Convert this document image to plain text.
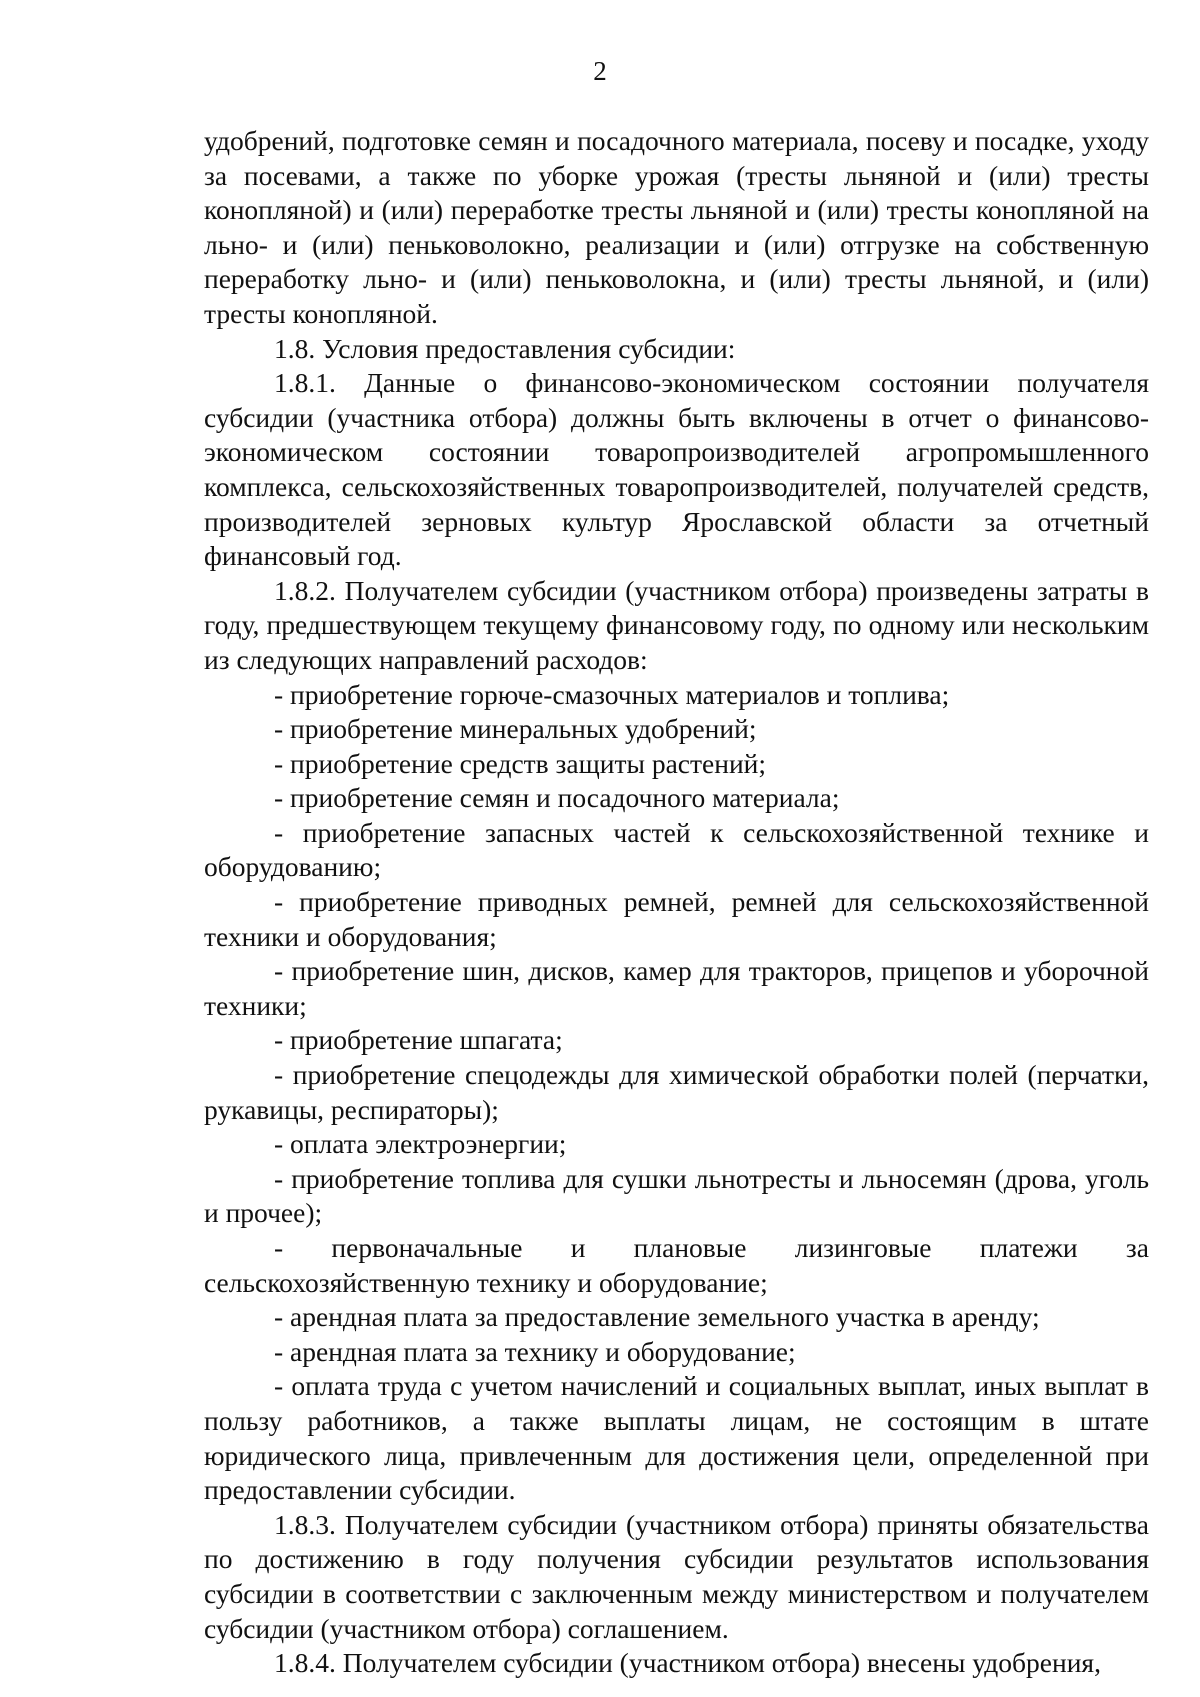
2

удобрений, подготовке семян и посадочного материала, посеву и посадке, уходу за посевами, а также по уборке урожая (тресты льняной и (или) тресты конопляной) и (или) переработке тресты льняной и (или) тресты конопляной на льно- и (или) пеньковолокно, реализации и (или) отгрузке на собственную переработку льно- и (или) пеньковолокна, и (или) тресты льняной, и (или) тресты конопляной.

1.8. Условия предоставления субсидии:

1.8.1. Данные о финансово-экономическом состоянии получателя субсидии (участника отбора) должны быть включены в отчет о финансово-экономическом состоянии товаропроизводителей агропромышленного комплекса, сельскохозяйственных товаропроизводителей, получателей средств, производителей зерновых культур Ярославской области за отчетный финансовый год.

1.8.2. Получателем субсидии (участником отбора) произведены затраты в году, предшествующем текущему финансовому году, по одному или нескольким из следующих направлений расходов:

- приобретение горюче-смазочных материалов и топлива;

- приобретение минеральных удобрений;

- приобретение средств защиты растений;

- приобретение семян и посадочного материала;

- приобретение запасных частей к сельскохозяйственной технике и оборудованию;

- приобретение приводных ремней, ремней для сельскохозяйственной техники и оборудования;

- приобретение шин, дисков, камер для тракторов, прицепов и уборочной техники;

- приобретение шпагата;

- приобретение спецодежды для химической обработки полей (перчатки, рукавицы, респираторы);

- оплата электроэнергии;

- приобретение топлива для сушки льнотресты и льносемян (дрова, уголь и прочее);

- первоначальные и плановые лизинговые платежи за сельскохозяйственную технику и оборудование;

- арендная плата за предоставление земельного участка в аренду;

- арендная плата за технику и оборудование;

- оплата труда с учетом начислений и социальных выплат, иных выплат в пользу работников, а также выплаты лицам, не состоящим в штате юридического лица, привлеченным для достижения цели, определенной при предоставлении субсидии.

1.8.3. Получателем субсидии (участником отбора) приняты обязательства по достижению в году получения субсидии результатов использования субсидии в соответствии с заключенным между министерством и получателем субсидии (участником отбора) соглашением.

1.8.4. Получателем субсидии (участником отбора) внесены удобрения,
